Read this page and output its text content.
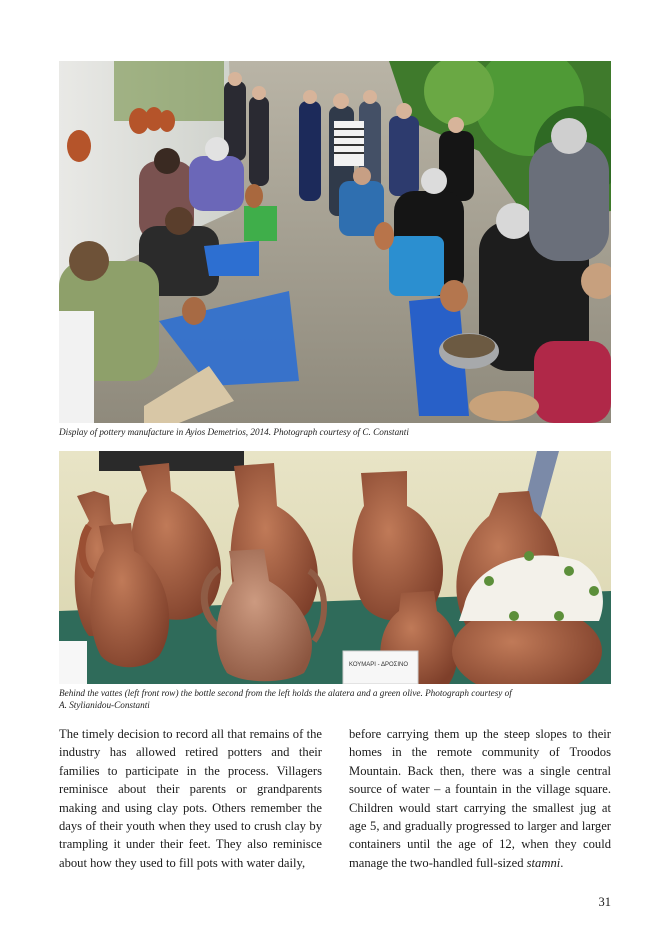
Display of pottery manufacture in Ayios Demetrios, 2014. Photograph courtesy of C. Constanti

ΚΟΥΜΑΡΙ - ΔΡΟΣΙΝΟ
Behind the vattes (left front row) the bottle second from the left holds the alatera and a green olive. Photograph courtesy of
A. Stylianidou-Constanti

The timely decision to record all that remains of the industry has allowed retired potters and their families to participate in the process. Villagers reminisce about their parents or grandparents making and using clay pots. Others remember the days of their youth when they used to crush clay by trampling it under their feet. They also reminisce about how they used to fill pots with water daily,

before carrying them up the steep slopes to their homes in the remote community of Troodos Mountain. Back then, there was a single central source of water – a fountain in the village square. Children would start carrying the smallest jug at age 5, and gradually progressed to larger and larger containers until the age of 12, when they could manage the two-handled full-sized stamni.

31
